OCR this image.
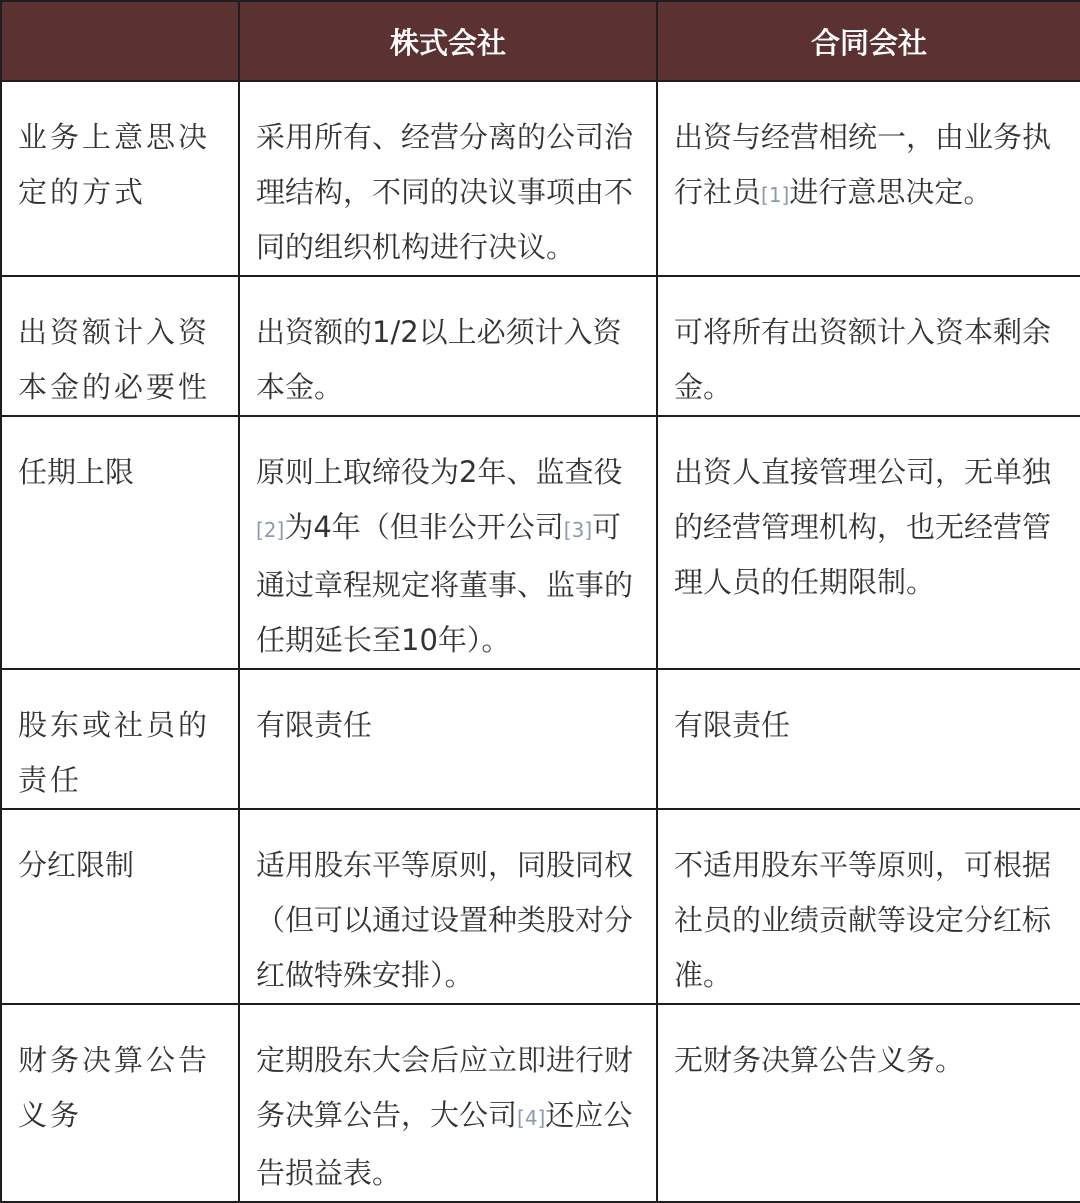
	株式会社	合同会社
业务上意思决定的方式	采用所有、经营分离的公司治理结构，不同的决议事项由不同的组织机构进行决议。	出资与经营相统一，由业务执行社员[1]进行意思决定。
出资额计入资本金的必要性	出资额的1/2以上必须计入资本金。	可将所有出资额计入资本剩余金。
任期上限	原则上取缔役为2年、监查役[2]为4年（但非公开公司[3]可通过章程规定将董事、监事的任期延长至10年）。	出资人直接管理公司，无单独的经营管理机构，也无经营管理人员的任期限制。
股东或社员的责任	有限责任	有限责任
分红限制	适用股东平等原则，同股同权（但可以通过设置种类股对分红做特殊安排）。	不适用股东平等原则，可根据社员的业绩贡献等设定分红标准。
财务决算公告义务	定期股东大会后应立即进行财务决算公告，大公司[4]还应公告损益表。	无财务决算公告义务。
